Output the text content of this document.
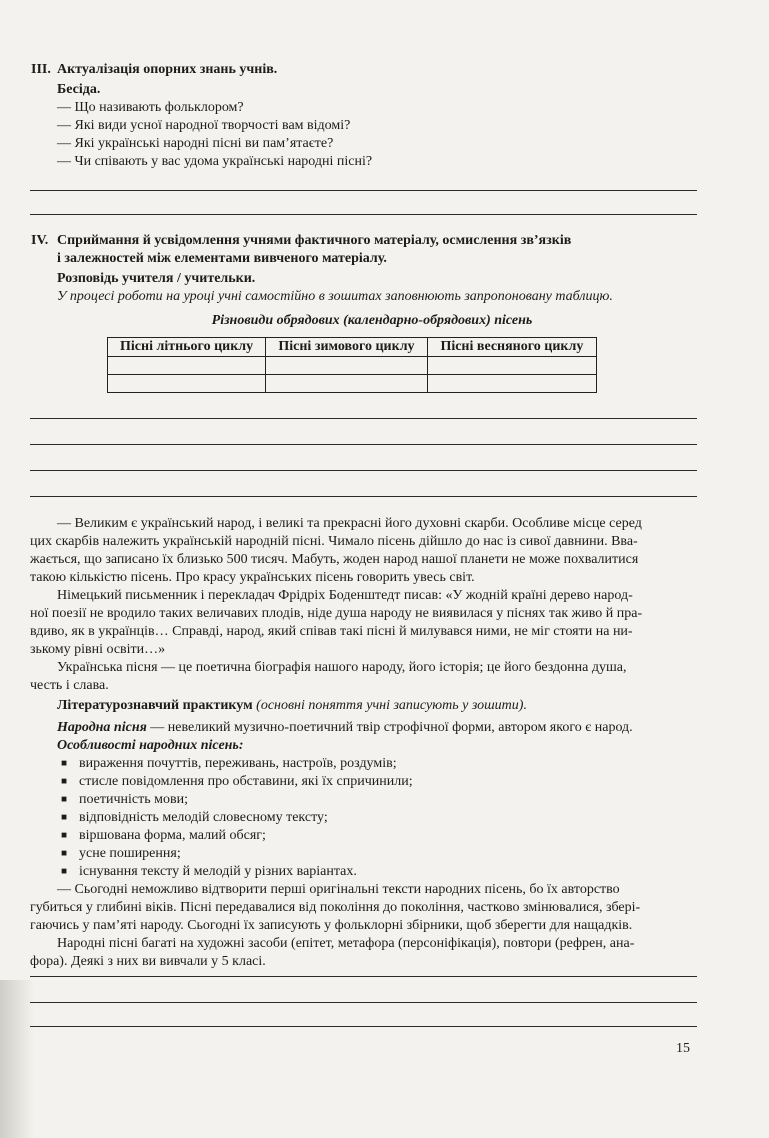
III. Актуалізація опорних знань учнів.
Бесіда.
— Що називають фольклором?
— Які види усної народної творчості вам відомі?
— Які українські народні пісні ви пам’ятаєте?
— Чи співають у вас удома українські народні пісні?
IV. Сприймання й усвідомлення учнями фактичного матеріалу, осмислення зв’язків
і залежностей між елементами вивченого матеріалу.
Розповідь учителя / учительки.
У процесі роботи на уроці учні самостійно в зошитах заповнюють запропоновану таблицю.
Різновиди обрядових (календарно-обрядових) пісень
Пісні літнього циклу	Пісні зимового циклу	Пісні весняного циклу

— Великим є український народ, і великі та прекрасні його духовні скарби. Особливе місце серед
цих скарбів належить українській народній пісні. Чимало пісень дійшло до нас із сивої давнини. Вва-
жається, що записано їх близько 500 тисяч. Мабуть, жоден народ нашої планети не може похвалитися
такою кількістю пісень. Про красу українських пісень говорить увесь світ.
Німецький письменник і перекладач Фрідріх Боденштедт писав: «У жодній країні дерево народ-
ної поезії не вродило таких величавих плодів, ніде душа народу не виявилася у піснях так живо й пра-
вдиво, як в українців… Справді, народ, який співав такі пісні й милувався ними, не міг стояти на ни-
зькому рівні освіти…»
Українська пісня — це поетична біографія нашого народу, його історія; це його бездонна душа,
честь і слава.
Літературознавчий практикум (основні поняття учні записують у зошити).
Народна пісня — невеликий музично-поетичний твір строфічної форми, автором якого є народ.
Особливості народних пісень:
■ вираження почуттів, переживань, настроїв, роздумів;
■ стисле повідомлення про обставини, які їх спричинили;
■ поетичність мови;
■ відповідність мелодій словесному тексту;
■ віршована форма, малий обсяг;
■ усне поширення;
■ існування тексту й мелодій у різних варіантах.
— Сьогодні неможливо відтворити перші оригінальні тексти народних пісень, бо їх авторство
губиться у глибині віків. Пісні передавалися від покоління до покоління, частково змінювалися, зберi-
гаючись у пам’яті народу. Сьогодні їх записують у фольклорні збірники, щоб зберегти для нащадків.
Народні пісні багаті на художні засоби (епітет, метафора (персоніфікація), повтори (рефрен, ана-
фора). Деякі з них ви вивчали у 5 класі.
15
